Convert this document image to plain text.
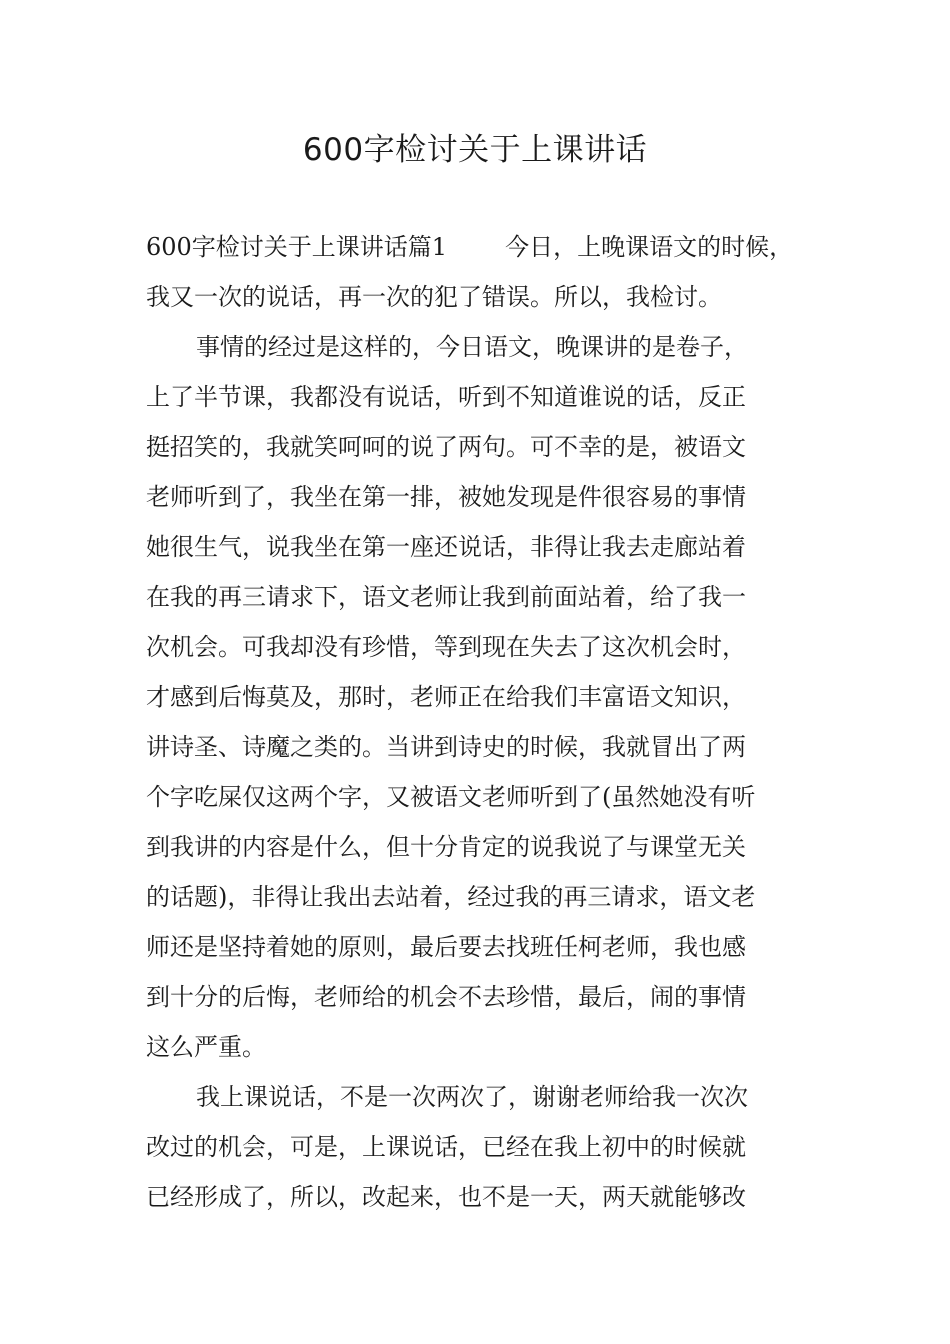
600字检讨关于上课讲话
600字检讨关于上课讲话篇1 今日，上晚课语文的时候，
我又一次的说话，再一次的犯了错误。所以，我检讨。
事情的经过是这样的，今日语文，晚课讲的是卷子，
上了半节课，我都没有说话，听到不知道谁说的话，反正
挺招笑的，我就笑呵呵的说了两句。可不幸的是，被语文
老师听到了，我坐在第一排，被她发现是件很容易的事情
她很生气，说我坐在第一座还说话，非得让我去走廊站着
在我的再三请求下，语文老师让我到前面站着，给了我一
次机会。可我却没有珍惜，等到现在失去了这次机会时，
才感到后悔莫及，那时，老师正在给我们丰富语文知识，
讲诗圣、诗魔之类的。当讲到诗史的时候，我就冒出了两
个字吃屎仅这两个字，又被语文老师听到了(虽然她没有听
到我讲的内容是什么，但十分肯定的说我说了与课堂无关
的话题)，非得让我出去站着，经过我的再三请求，语文老
师还是坚持着她的原则，最后要去找班任柯老师，我也感
到十分的后悔，老师给的机会不去珍惜，最后，闹的事情
这么严重。
我上课说话，不是一次两次了，谢谢老师给我一次次
改过的机会，可是，上课说话，已经在我上初中的时候就
已经形成了，所以，改起来，也不是一天，两天就能够改
